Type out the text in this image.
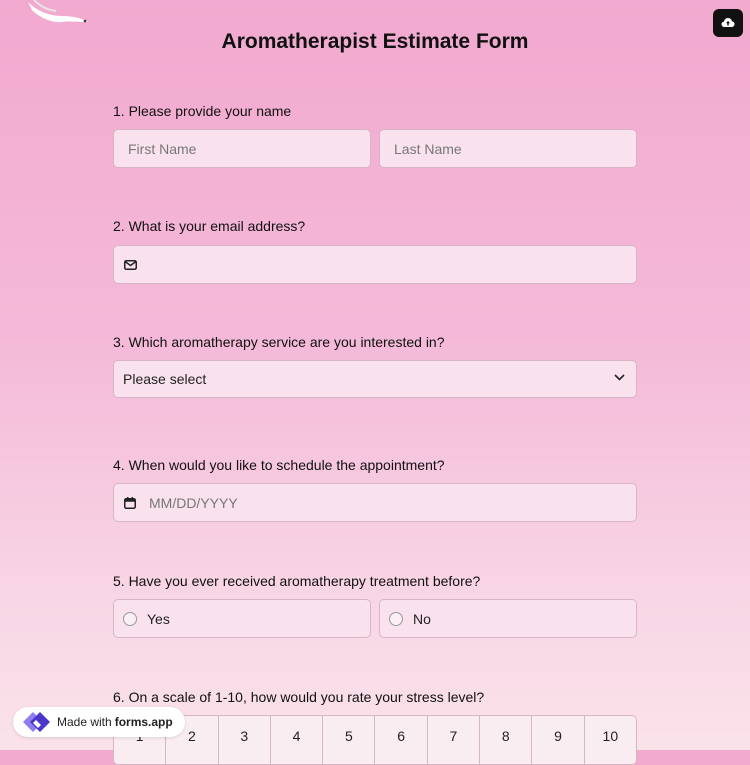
Aromatherapist Estimate Form
1. Please provide your name
First Name	Last Name
2. What is your email address?
3. Which aromatherapy service are you interested in?
Please select
4. When would you like to schedule the appointment?
MM/DD/YYYY
5. Have you ever received aromatherapy treatment before?
Yes	No
6. On a scale of 1-10, how would you rate your stress level?
2	3	4	5	6	7	8	9	10
Made with forms.app
